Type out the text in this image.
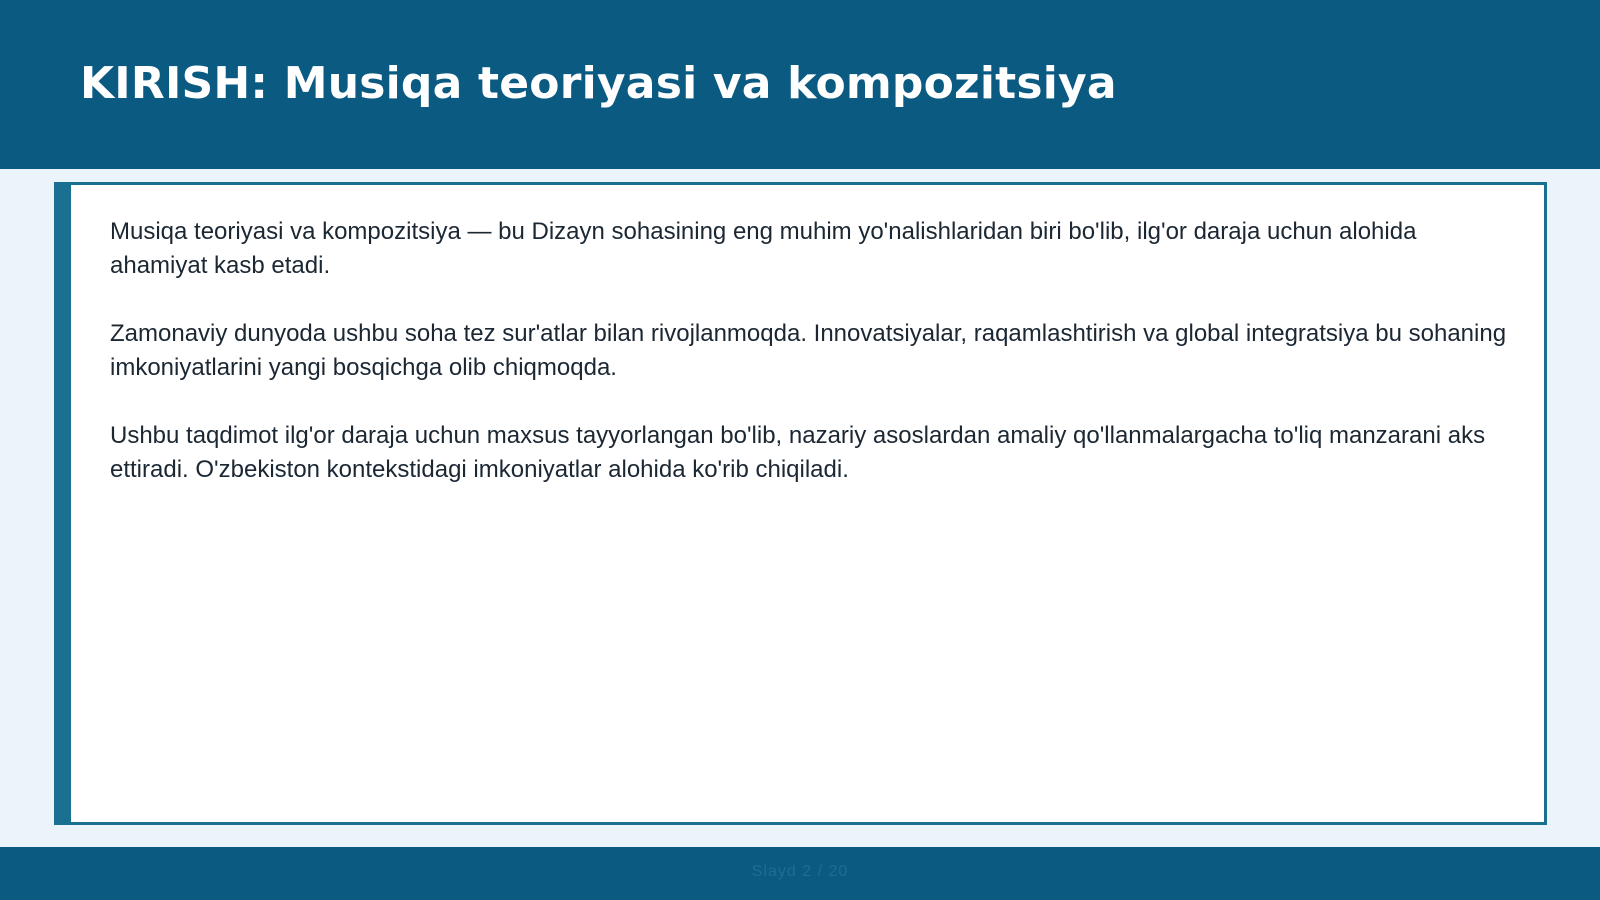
KIRISH: Musiqa teoriyasi va kompozitsiya

Musiqa teoriyasi va kompozitsiya — bu Dizayn sohasining eng muhim yo'nalishlaridan biri bo'lib, ilg'or daraja uchun alohida ahamiyat kasb etadi.

Zamonaviy dunyoda ushbu soha tez sur'atlar bilan rivojlanmoqda. Innovatsiyalar, raqamlashtirish va global integratsiya bu sohaning imkoniyatlarini yangi bosqichga olib chiqmoqda.

Ushbu taqdimot ilg'or daraja uchun maxsus tayyorlangan bo'lib, nazariy asoslardan amaliy qo'llanmalargacha to'liq manzarani aks ettiradi. O'zbekiston kontekstidagi imkoniyatlar alohida ko'rib chiqiladi.

Slayd 2 / 20
